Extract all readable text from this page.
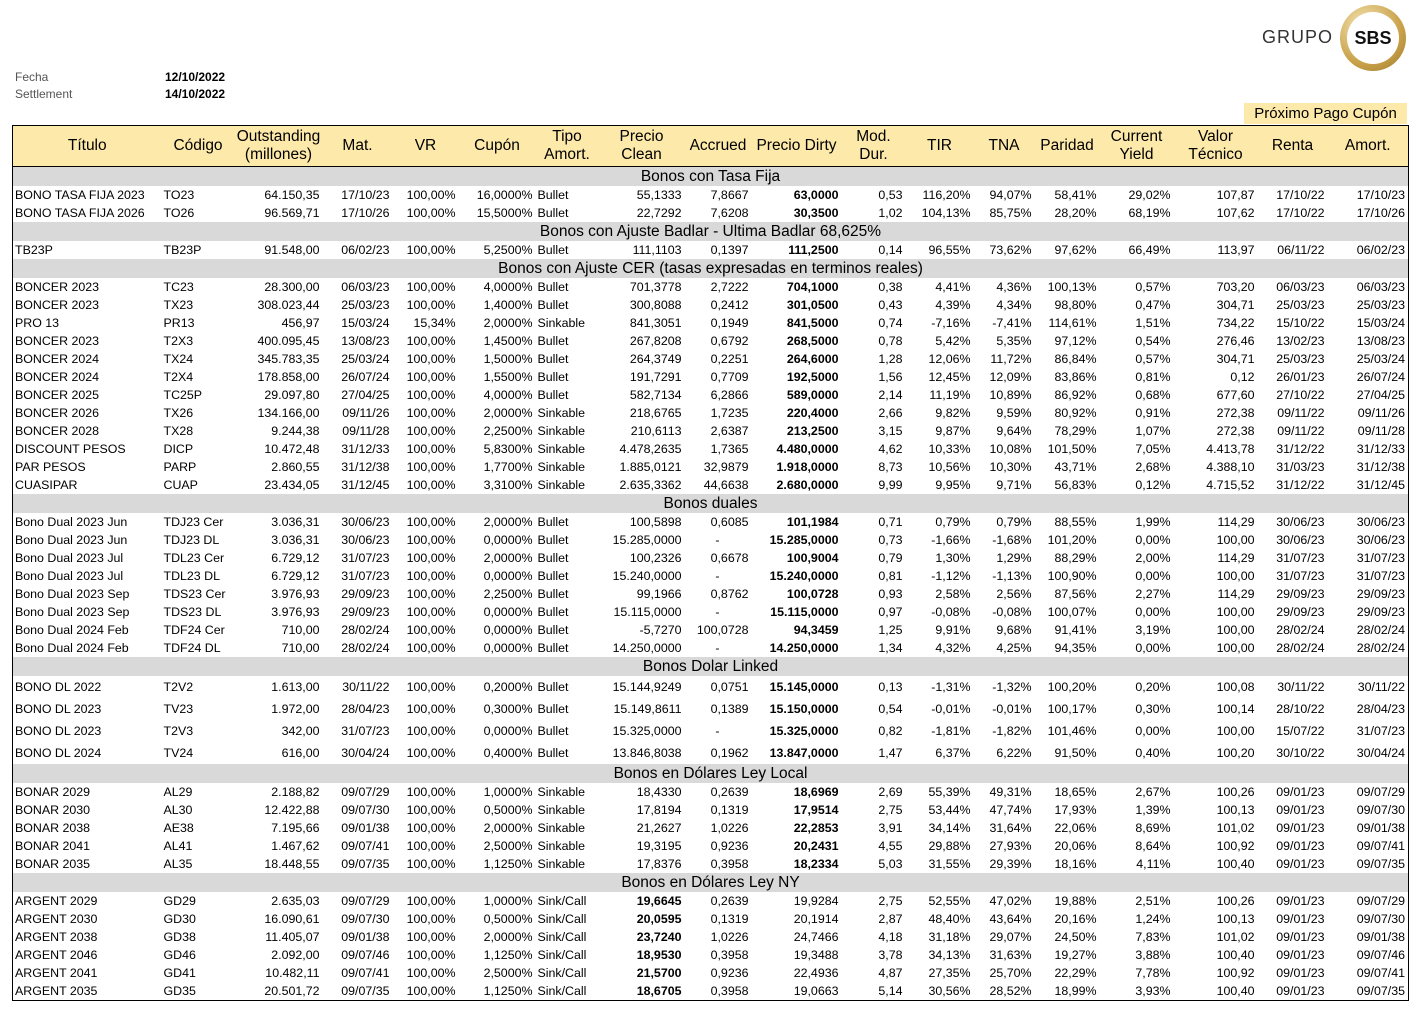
GRUPO	SBS
Fecha	12/10/2022
Settlement	14/10/2022
Próximo Pago Cupón
Título	Código	Outstanding (millones)	Mat.	VR	Cupón	Tipo Amort.	Precio Clean	Accrued	Precio Dirty	Mod. Dur.	TIR	TNA	Paridad	Current Yield	Valor Técnico	Renta	Amort.
Bonos con Tasa Fija																	
BONO TASA FIJA 2023	TO23	64.150,35	17/10/23	100,00%	16,0000%	Bullet	55,1333	7,8667	63,0000	0,53	116,20%	94,07%	58,41%	29,02%	107,87	17/10/22	17/10/23
BONO TASA FIJA 2026	TO26	96.569,71	17/10/26	100,00%	15,5000%	Bullet	22,7292	7,6208	30,3500	1,02	104,13%	85,75%	28,20%	68,19%	107,62	17/10/22	17/10/26
Bonos con Ajuste Badlar - Ultima Badlar 68,625%																	
TB23P	TB23P	91.548,00	06/02/23	100,00%	5,2500%	Bullet	111,1103	0,1397	111,2500	0,14	96,55%	73,62%	97,62%	66,49%	113,97	06/11/22	06/02/23
Bonos con Ajuste CER (tasas expresadas en terminos reales)																	
BONCER 2023	TC23	28.300,00	06/03/23	100,00%	4,0000%	Bullet	701,3778	2,7222	704,1000	0,38	4,41%	4,36%	100,13%	0,57%	703,20	06/03/23	06/03/23
BONCER 2023	TX23	308.023,44	25/03/23	100,00%	1,4000%	Bullet	300,8088	0,2412	301,0500	0,43	4,39%	4,34%	98,80%	0,47%	304,71	25/03/23	25/03/23
PRO 13	PR13	456,97	15/03/24	15,34%	2,0000%	Sinkable	841,3051	0,1949	841,5000	0,74	-7,16%	-7,41%	114,61%	1,51%	734,22	15/10/22	15/03/24
BONCER 2023	T2X3	400.095,45	13/08/23	100,00%	1,4500%	Bullet	267,8208	0,6792	268,5000	0,78	5,42%	5,35%	97,12%	0,54%	276,46	13/02/23	13/08/23
BONCER 2024	TX24	345.783,35	25/03/24	100,00%	1,5000%	Bullet	264,3749	0,2251	264,6000	1,28	12,06%	11,72%	86,84%	0,57%	304,71	25/03/23	25/03/24
BONCER 2024	T2X4	178.858,00	26/07/24	100,00%	1,5500%	Bullet	191,7291	0,7709	192,5000	1,56	12,45%	12,09%	83,86%	0,81%	0,12	26/01/23	26/07/24
BONCER 2025	TC25P	29.097,80	27/04/25	100,00%	4,0000%	Bullet	582,7134	6,2866	589,0000	2,14	11,19%	10,89%	86,92%	0,68%	677,60	27/10/22	27/04/25
BONCER 2026	TX26	134.166,00	09/11/26	100,00%	2,0000%	Sinkable	218,6765	1,7235	220,4000	2,66	9,82%	9,59%	80,92%	0,91%	272,38	09/11/22	09/11/26
BONCER 2028	TX28	9.244,38	09/11/28	100,00%	2,2500%	Sinkable	210,6113	2,6387	213,2500	3,15	9,87%	9,64%	78,29%	1,07%	272,38	09/11/22	09/11/28
DISCOUNT PESOS	DICP	10.472,48	31/12/33	100,00%	5,8300%	Sinkable	4.478,2635	1,7365	4.480,0000	4,62	10,33%	10,08%	101,50%	7,05%	4.413,78	31/12/22	31/12/33
PAR PESOS	PARP	2.860,55	31/12/38	100,00%	1,7700%	Sinkable	1.885,0121	32,9879	1.918,0000	8,73	10,56%	10,30%	43,71%	2,68%	4.388,10	31/03/23	31/12/38
CUASIPAR	CUAP	23.434,05	31/12/45	100,00%	3,3100%	Sinkable	2.635,3362	44,6638	2.680,0000	9,99	9,95%	9,71%	56,83%	0,12%	4.715,52	31/12/22	31/12/45
Bonos duales																	
Bono Dual 2023 Jun	TDJ23 Cer	3.036,31	30/06/23	100,00%	2,0000%	Bullet	100,5898	0,6085	101,1984	0,71	0,79%	0,79%	88,55%	1,99%	114,29	30/06/23	30/06/23
Bono Dual 2023 Jun	TDJ23 DL	3.036,31	30/06/23	100,00%	0,0000%	Bullet	15.285,0000	-	15.285,0000	0,73	-1,66%	-1,68%	101,20%	0,00%	100,00	30/06/23	30/06/23
Bono Dual 2023 Jul	TDL23 Cer	6.729,12	31/07/23	100,00%	2,0000%	Bullet	100,2326	0,6678	100,9004	0,79	1,30%	1,29%	88,29%	2,00%	114,29	31/07/23	31/07/23
Bono Dual 2023 Jul	TDL23 DL	6.729,12	31/07/23	100,00%	0,0000%	Bullet	15.240,0000	-	15.240,0000	0,81	-1,12%	-1,13%	100,90%	0,00%	100,00	31/07/23	31/07/23
Bono Dual 2023 Sep	TDS23 Cer	3.976,93	29/09/23	100,00%	2,2500%	Bullet	99,1966	0,8762	100,0728	0,93	2,58%	2,56%	87,56%	2,27%	114,29	29/09/23	29/09/23
Bono Dual 2023 Sep	TDS23 DL	3.976,93	29/09/23	100,00%	0,0000%	Bullet	15.115,0000	-	15.115,0000	0,97	-0,08%	-0,08%	100,07%	0,00%	100,00	29/09/23	29/09/23
Bono Dual 2024 Feb	TDF24 Cer	710,00	28/02/24	100,00%	0,0000%	Bullet	-5,7270	100,0728	94,3459	1,25	9,91%	9,68%	91,41%	3,19%	100,00	28/02/24	28/02/24
Bono Dual 2024 Feb	TDF24 DL	710,00	28/02/24	100,00%	0,0000%	Bullet	14.250,0000	-	14.250,0000	1,34	4,32%	4,25%	94,35%	0,00%	100,00	28/02/24	28/02/24
Bonos Dolar Linked																	
BONO DL 2022	T2V2	1.613,00	30/11/22	100,00%	0,2000%	Bullet	15.144,9249	0,0751	15.145,0000	0,13	-1,31%	-1,32%	100,20%	0,20%	100,08	30/11/22	30/11/22
BONO DL 2023	TV23	1.972,00	28/04/23	100,00%	0,3000%	Bullet	15.149,8611	0,1389	15.150,0000	0,54	-0,01%	-0,01%	100,17%	0,30%	100,14	28/10/22	28/04/23
BONO DL 2023	T2V3	342,00	31/07/23	100,00%	0,0000%	Bullet	15.325,0000	-	15.325,0000	0,82	-1,81%	-1,82%	101,46%	0,00%	100,00	15/07/22	31/07/23
BONO DL 2024	TV24	616,00	30/04/24	100,00%	0,4000%	Bullet	13.846,8038	0,1962	13.847,0000	1,47	6,37%	6,22%	91,50%	0,40%	100,20	30/10/22	30/04/24
Bonos en Dólares Ley Local																	
BONAR 2029	AL29	2.188,82	09/07/29	100,00%	1,0000%	Sinkable	18,4330	0,2639	18,6969	2,69	55,39%	49,31%	18,65%	2,67%	100,26	09/01/23	09/07/29
BONAR 2030	AL30	12.422,88	09/07/30	100,00%	0,5000%	Sinkable	17,8194	0,1319	17,9514	2,75	53,44%	47,74%	17,93%	1,39%	100,13	09/01/23	09/07/30
BONAR 2038	AE38	7.195,66	09/01/38	100,00%	2,0000%	Sinkable	21,2627	1,0226	22,2853	3,91	34,14%	31,64%	22,06%	8,69%	101,02	09/01/23	09/01/38
BONAR 2041	AL41	1.467,62	09/07/41	100,00%	2,5000%	Sinkable	19,3195	0,9236	20,2431	4,55	29,88%	27,93%	20,06%	8,64%	100,92	09/01/23	09/07/41
BONAR 2035	AL35	18.448,55	09/07/35	100,00%	1,1250%	Sinkable	17,8376	0,3958	18,2334	5,03	31,55%	29,39%	18,16%	4,11%	100,40	09/01/23	09/07/35
Bonos en Dólares Ley NY																	
ARGENT 2029	GD29	2.635,03	09/07/29	100,00%	1,0000%	Sink/Call	19,6645	0,2639	19,9284	2,75	52,55%	47,02%	19,88%	2,51%	100,26	09/01/23	09/07/29
ARGENT 2030	GD30	16.090,61	09/07/30	100,00%	0,5000%	Sink/Call	20,0595	0,1319	20,1914	2,87	48,40%	43,64%	20,16%	1,24%	100,13	09/01/23	09/07/30
ARGENT 2038	GD38	11.405,07	09/01/38	100,00%	2,0000%	Sink/Call	23,7240	1,0226	24,7466	4,18	31,18%	29,07%	24,50%	7,83%	101,02	09/01/23	09/01/38
ARGENT 2046	GD46	2.092,00	09/07/46	100,00%	1,1250%	Sink/Call	18,9530	0,3958	19,3488	3,78	34,13%	31,63%	19,27%	3,88%	100,40	09/01/23	09/07/46
ARGENT 2041	GD41	10.482,11	09/07/41	100,00%	2,5000%	Sink/Call	21,5700	0,9236	22,4936	4,87	27,35%	25,70%	22,29%	7,78%	100,92	09/01/23	09/07/41
ARGENT 2035	GD35	20.501,72	09/07/35	100,00%	1,1250%	Sink/Call	18,6705	0,3958	19,0663	5,14	30,56%	28,52%	18,99%	3,93%	100,40	09/01/23	09/07/35
